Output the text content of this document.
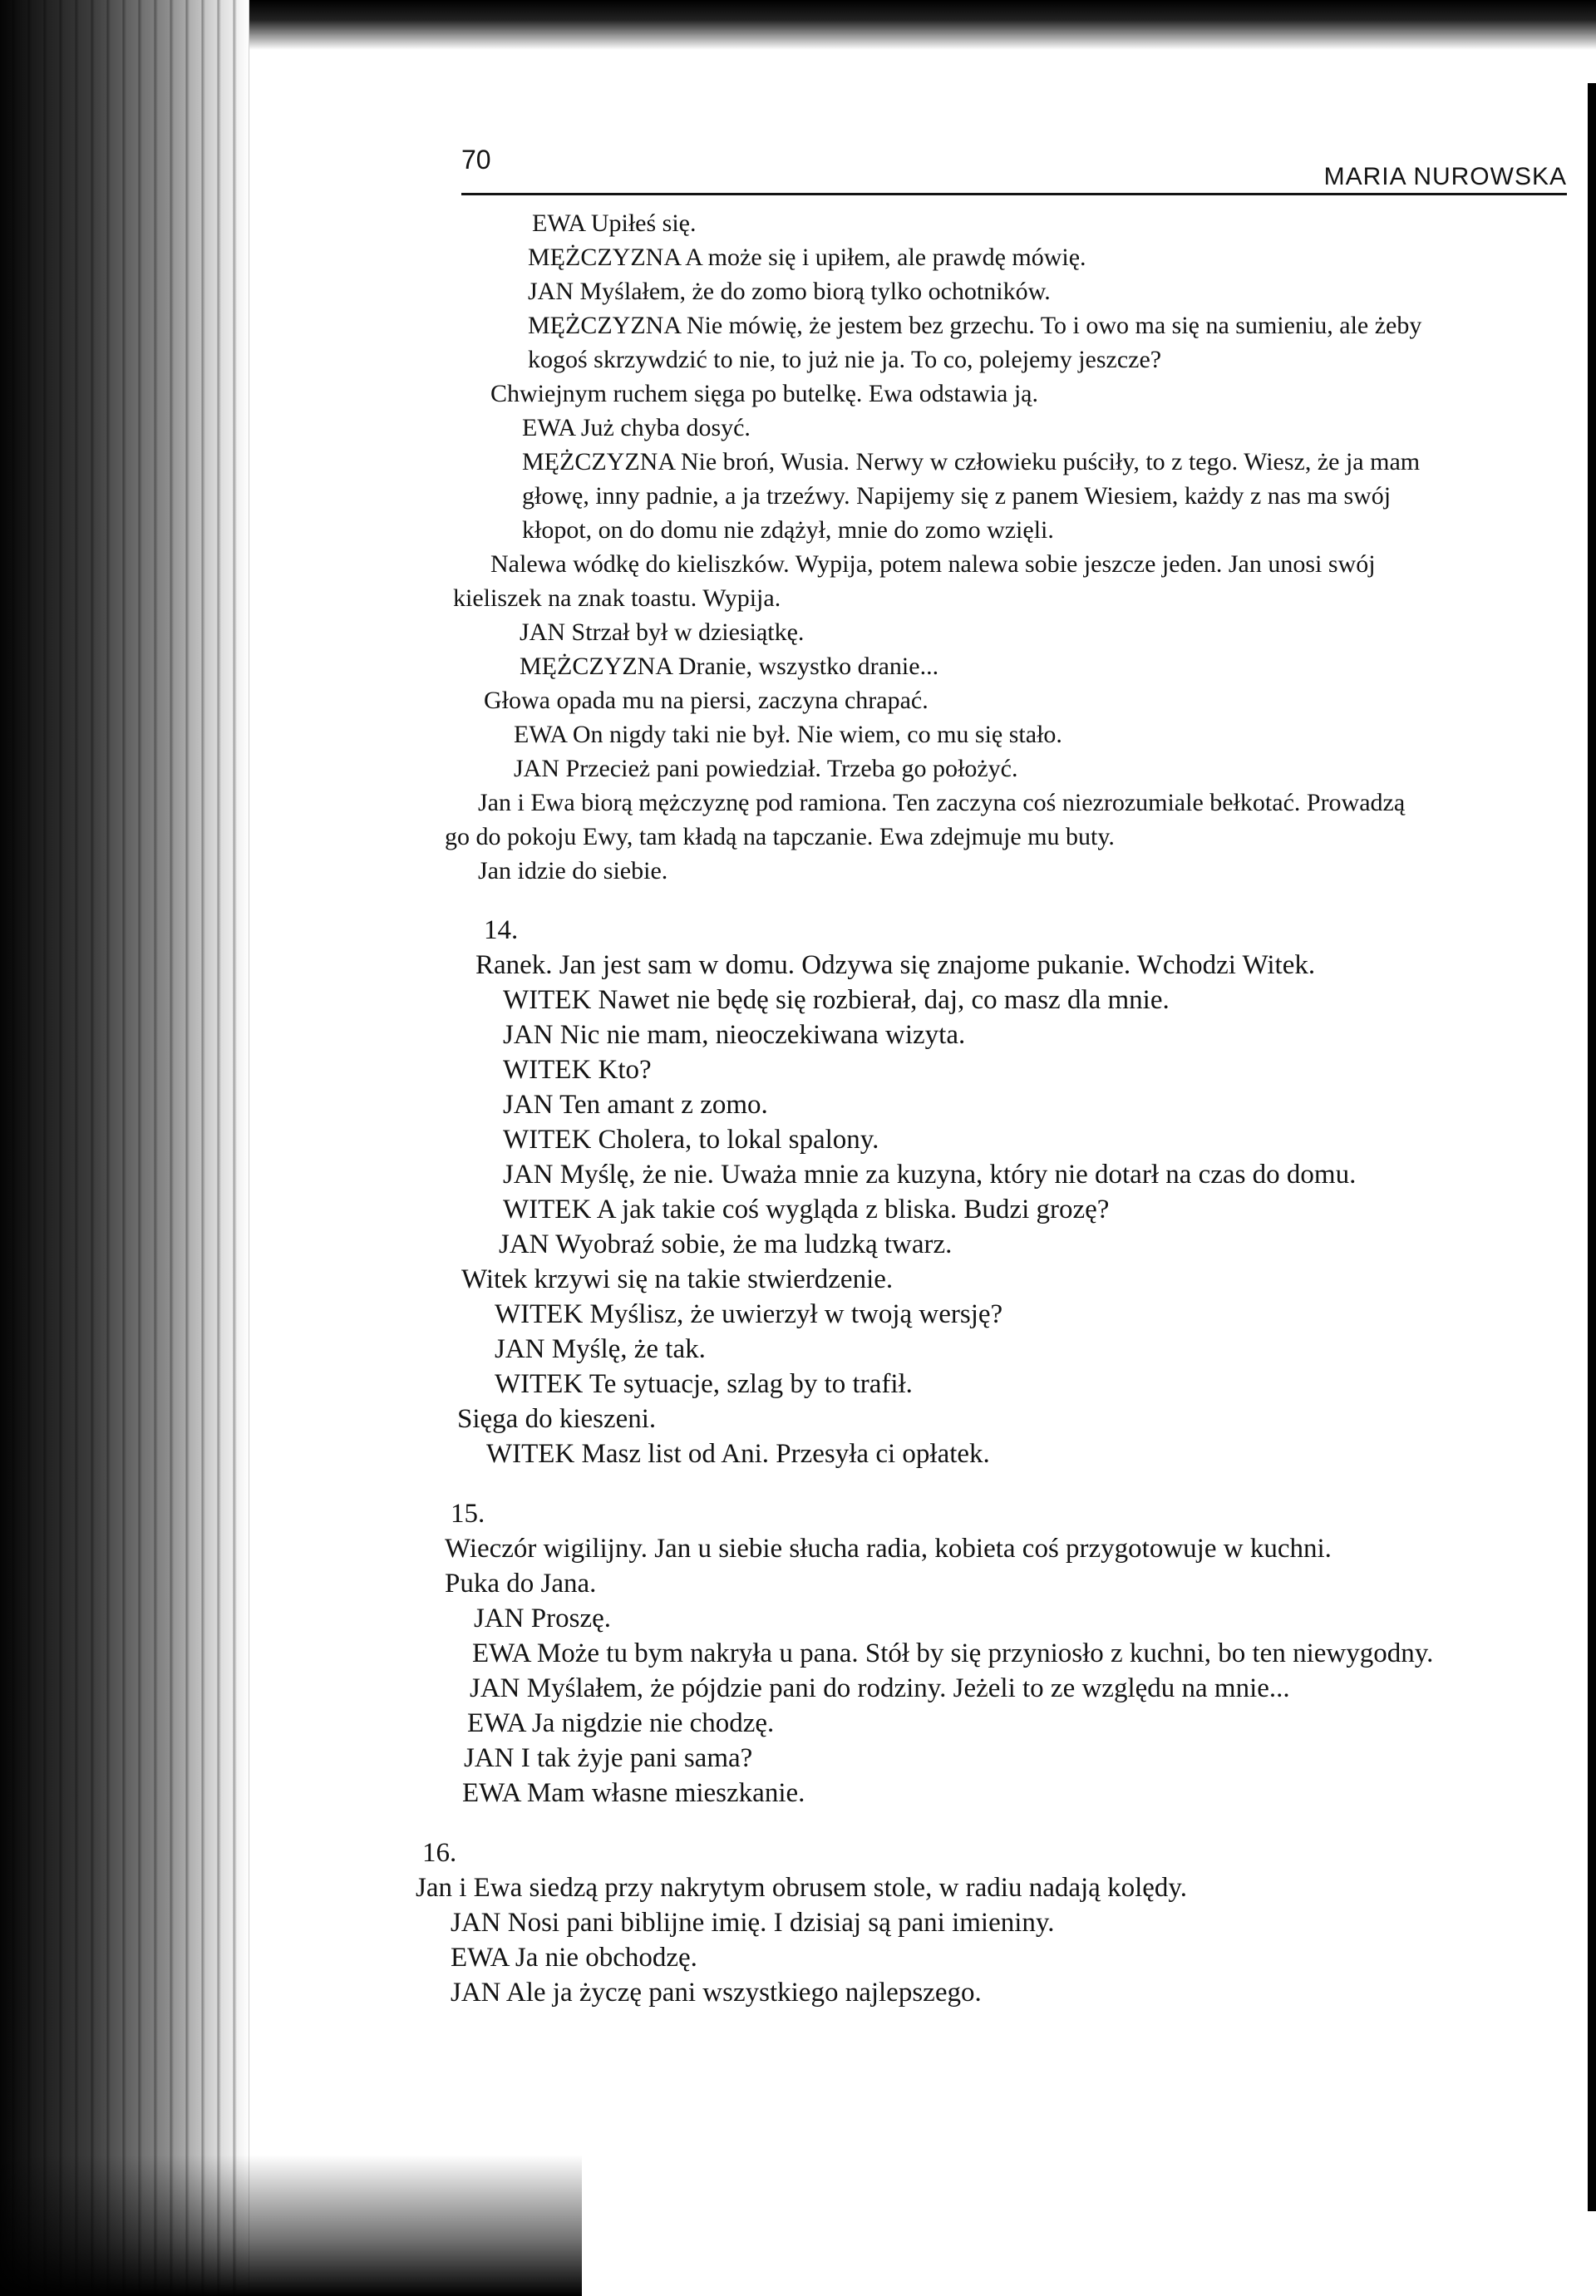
70
MARIA NUROWSKA
EWA Upiłeś się.
MĘŻCZYZNA A może się i upiłem, ale prawdę mówię.
JAN Myślałem, że do zomo biorą tylko ochotników.
MĘŻCZYZNA Nie mówię, że jestem bez grzechu. To i owo ma się na sumieniu, ale żeby
kogoś skrzywdzić to nie, to już nie ja. To co, polejemy jeszcze?
Chwiejnym ruchem sięga po butelkę. Ewa odstawia ją.
EWA Już chyba dosyć.
MĘŻCZYZNA Nie broń, Wusia. Nerwy w człowieku puściły, to z tego. Wiesz, że ja mam
głowę, inny padnie, a ja trzeźwy. Napijemy się z panem Wiesiem, każdy z nas ma swój
kłopot, on do domu nie zdążył, mnie do zomo wzięli.
Nalewa wódkę do kieliszków. Wypija, potem nalewa sobie jeszcze jeden. Jan unosi swój
kieliszek na znak toastu. Wypija.
JAN Strzał był w dziesiątkę.
MĘŻCZYZNA Dranie, wszystko dranie...
Głowa opada mu na piersi, zaczyna chrapać.
EWA On nigdy taki nie był. Nie wiem, co mu się stało.
JAN Przecież pani powiedział. Trzeba go położyć.
Jan i Ewa biorą mężczyznę pod ramiona. Ten zaczyna coś niezrozumiale bełkotać. Prowadzą
go do pokoju Ewy, tam kładą na tapczanie. Ewa zdejmuje mu buty.
Jan idzie do siebie.
14.
Ranek. Jan jest sam w domu. Odzywa się znajome pukanie. Wchodzi Witek.
WITEK Nawet nie będę się rozbierał, daj, co masz dla mnie.
JAN Nic nie mam, nieoczekiwana wizyta.
WITEK Kto?
JAN Ten amant z zomo.
WITEK Cholera, to lokal spalony.
JAN Myślę, że nie. Uważa mnie za kuzyna, który nie dotarł na czas do domu.
WITEK A jak takie coś wygląda z bliska. Budzi grozę?
JAN Wyobraź sobie, że ma ludzką twarz.
Witek krzywi się na takie stwierdzenie.
WITEK Myślisz, że uwierzył w twoją wersję?
JAN Myślę, że tak.
WITEK Te sytuacje, szlag by to trafił.
Sięga do kieszeni.
WITEK Masz list od Ani. Przesyła ci opłatek.
15.
Wieczór wigilijny. Jan u siebie słucha radia, kobieta coś przygotowuje w kuchni.
Puka do Jana.
JAN Proszę.
EWA Może tu bym nakryła u pana. Stół by się przyniosło z kuchni, bo ten niewygodny.
JAN Myślałem, że pójdzie pani do rodziny. Jeżeli to ze względu na mnie...
EWA Ja nigdzie nie chodzę.
JAN I tak żyje pani sama?
EWA Mam własne mieszkanie.
16.
Jan i Ewa siedzą przy nakrytym obrusem stole, w radiu nadają kolędy.
JAN Nosi pani biblijne imię. I dzisiaj są pani imieniny.
EWA Ja nie obchodzę.
JAN Ale ja życzę pani wszystkiego najlepszego.
